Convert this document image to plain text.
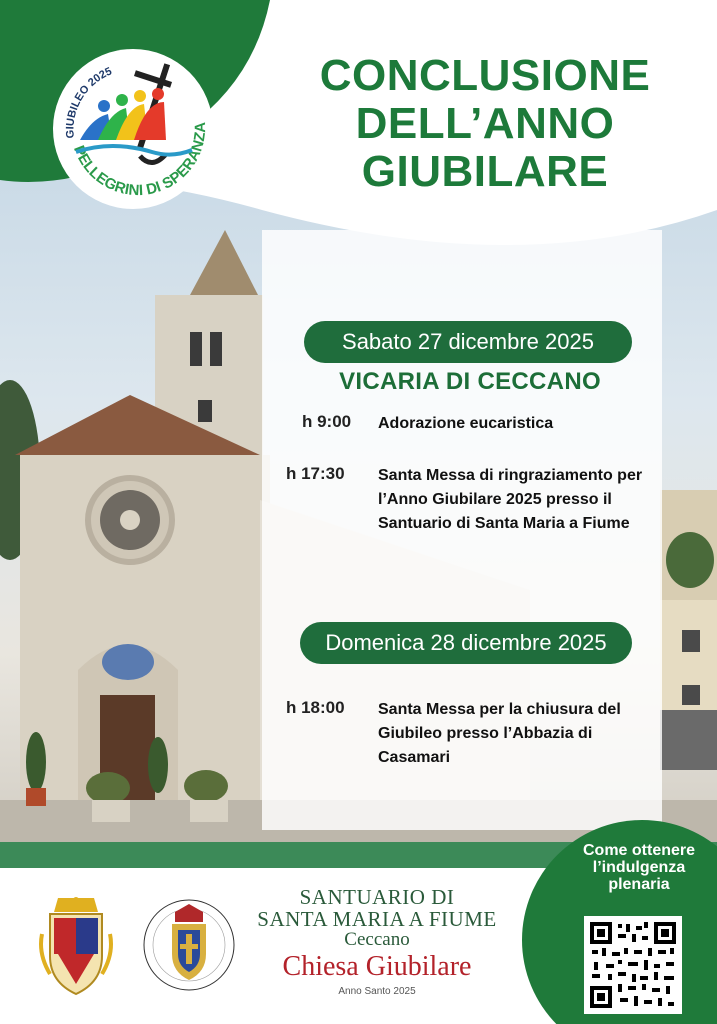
GIUBILEO 2025
PELLEGRINI DI SPERANZA
CONCLUSIONE
DELL’ANNO
GIUBILARE
Sabato 27 dicembre 2025
VICARIA DI CECCANO
h 9:00	Adorazione eucaristica
h 17:30	Santa Messa di ringraziamento per l’Anno Giubilare 2025 presso il Santuario di Santa Maria a Fiume
Domenica 28 dicembre 2025
h 18:00	Santa Messa per la chiusura del Giubileo presso l’Abbazia di Casamari
SANTUARIO DI
SANTA MARIA A FIUME
Ceccano
Chiesa Giubilare
Anno Santo 2025
Come ottenere l’indulgenza plenaria
